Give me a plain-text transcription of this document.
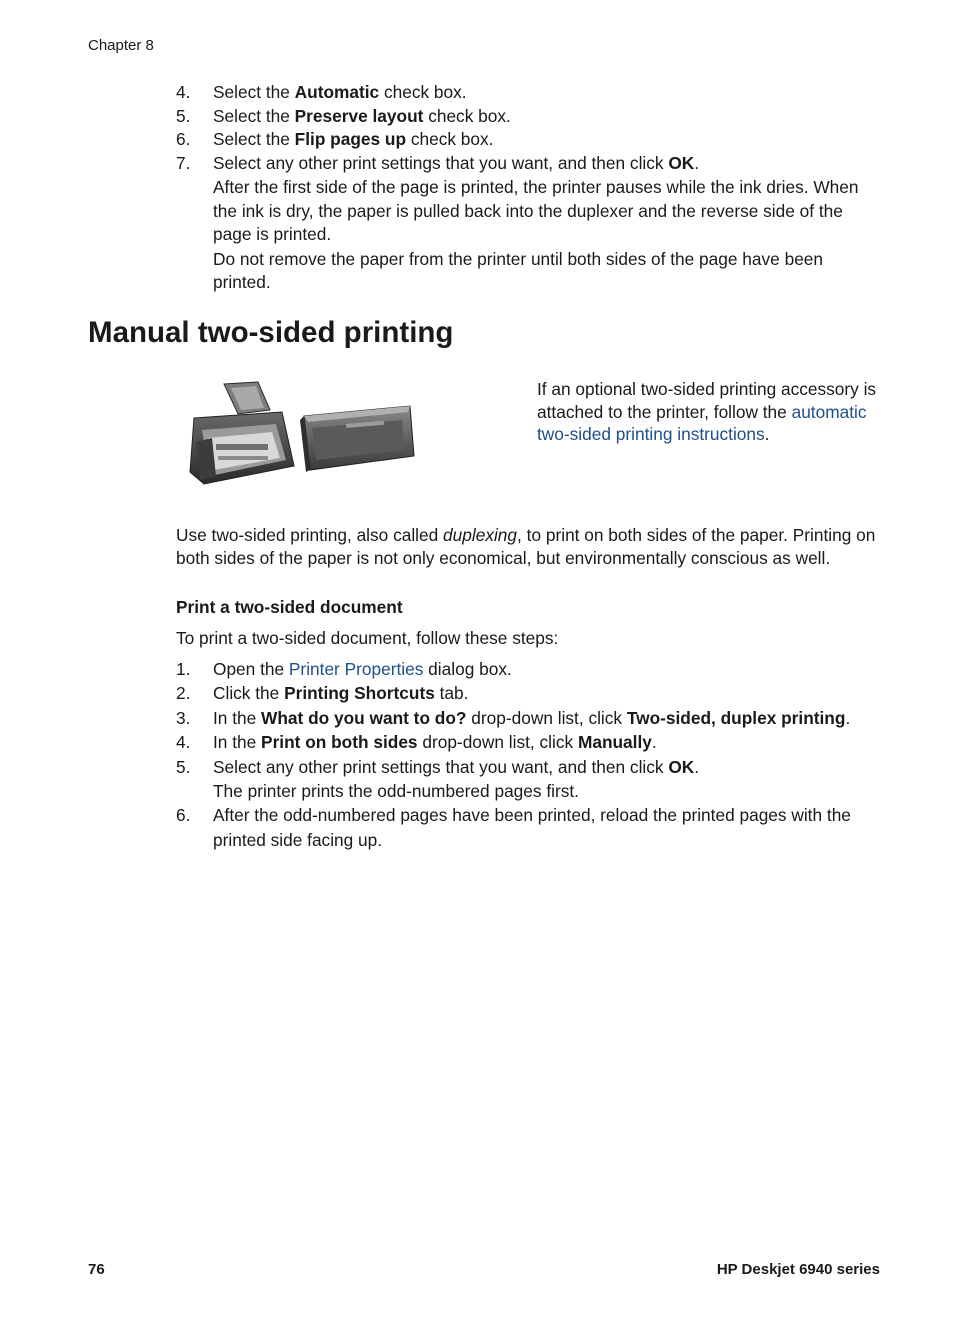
Chapter 8
4. Select the Automatic check box.
5. Select the Preserve layout check box.
6. Select the Flip pages up check box.
7. Select any other print settings that you want, and then click OK.
After the first side of the page is printed, the printer pauses while the ink dries. When the ink is dry, the paper is pulled back into the duplexer and the reverse side of the page is printed.
Do not remove the paper from the printer until both sides of the page have been printed.
Manual two-sided printing
If an optional two-sided printing accessory is attached to the printer, follow the automatic two-sided printing instructions.
Use two-sided printing, also called duplexing, to print on both sides of the paper. Printing on both sides of the paper is not only economical, but environmentally conscious as well.
Print a two-sided document
To print a two-sided document, follow these steps:
1. Open the Printer Properties dialog box.
2. Click the Printing Shortcuts tab.
3. In the What do you want to do? drop-down list, click Two-sided, duplex printing.
4. In the Print on both sides drop-down list, click Manually.
5. Select any other print settings that you want, and then click OK.
The printer prints the odd-numbered pages first.
6. After the odd-numbered pages have been printed, reload the printed pages with the printed side facing up.
76	HP Deskjet 6940 series
